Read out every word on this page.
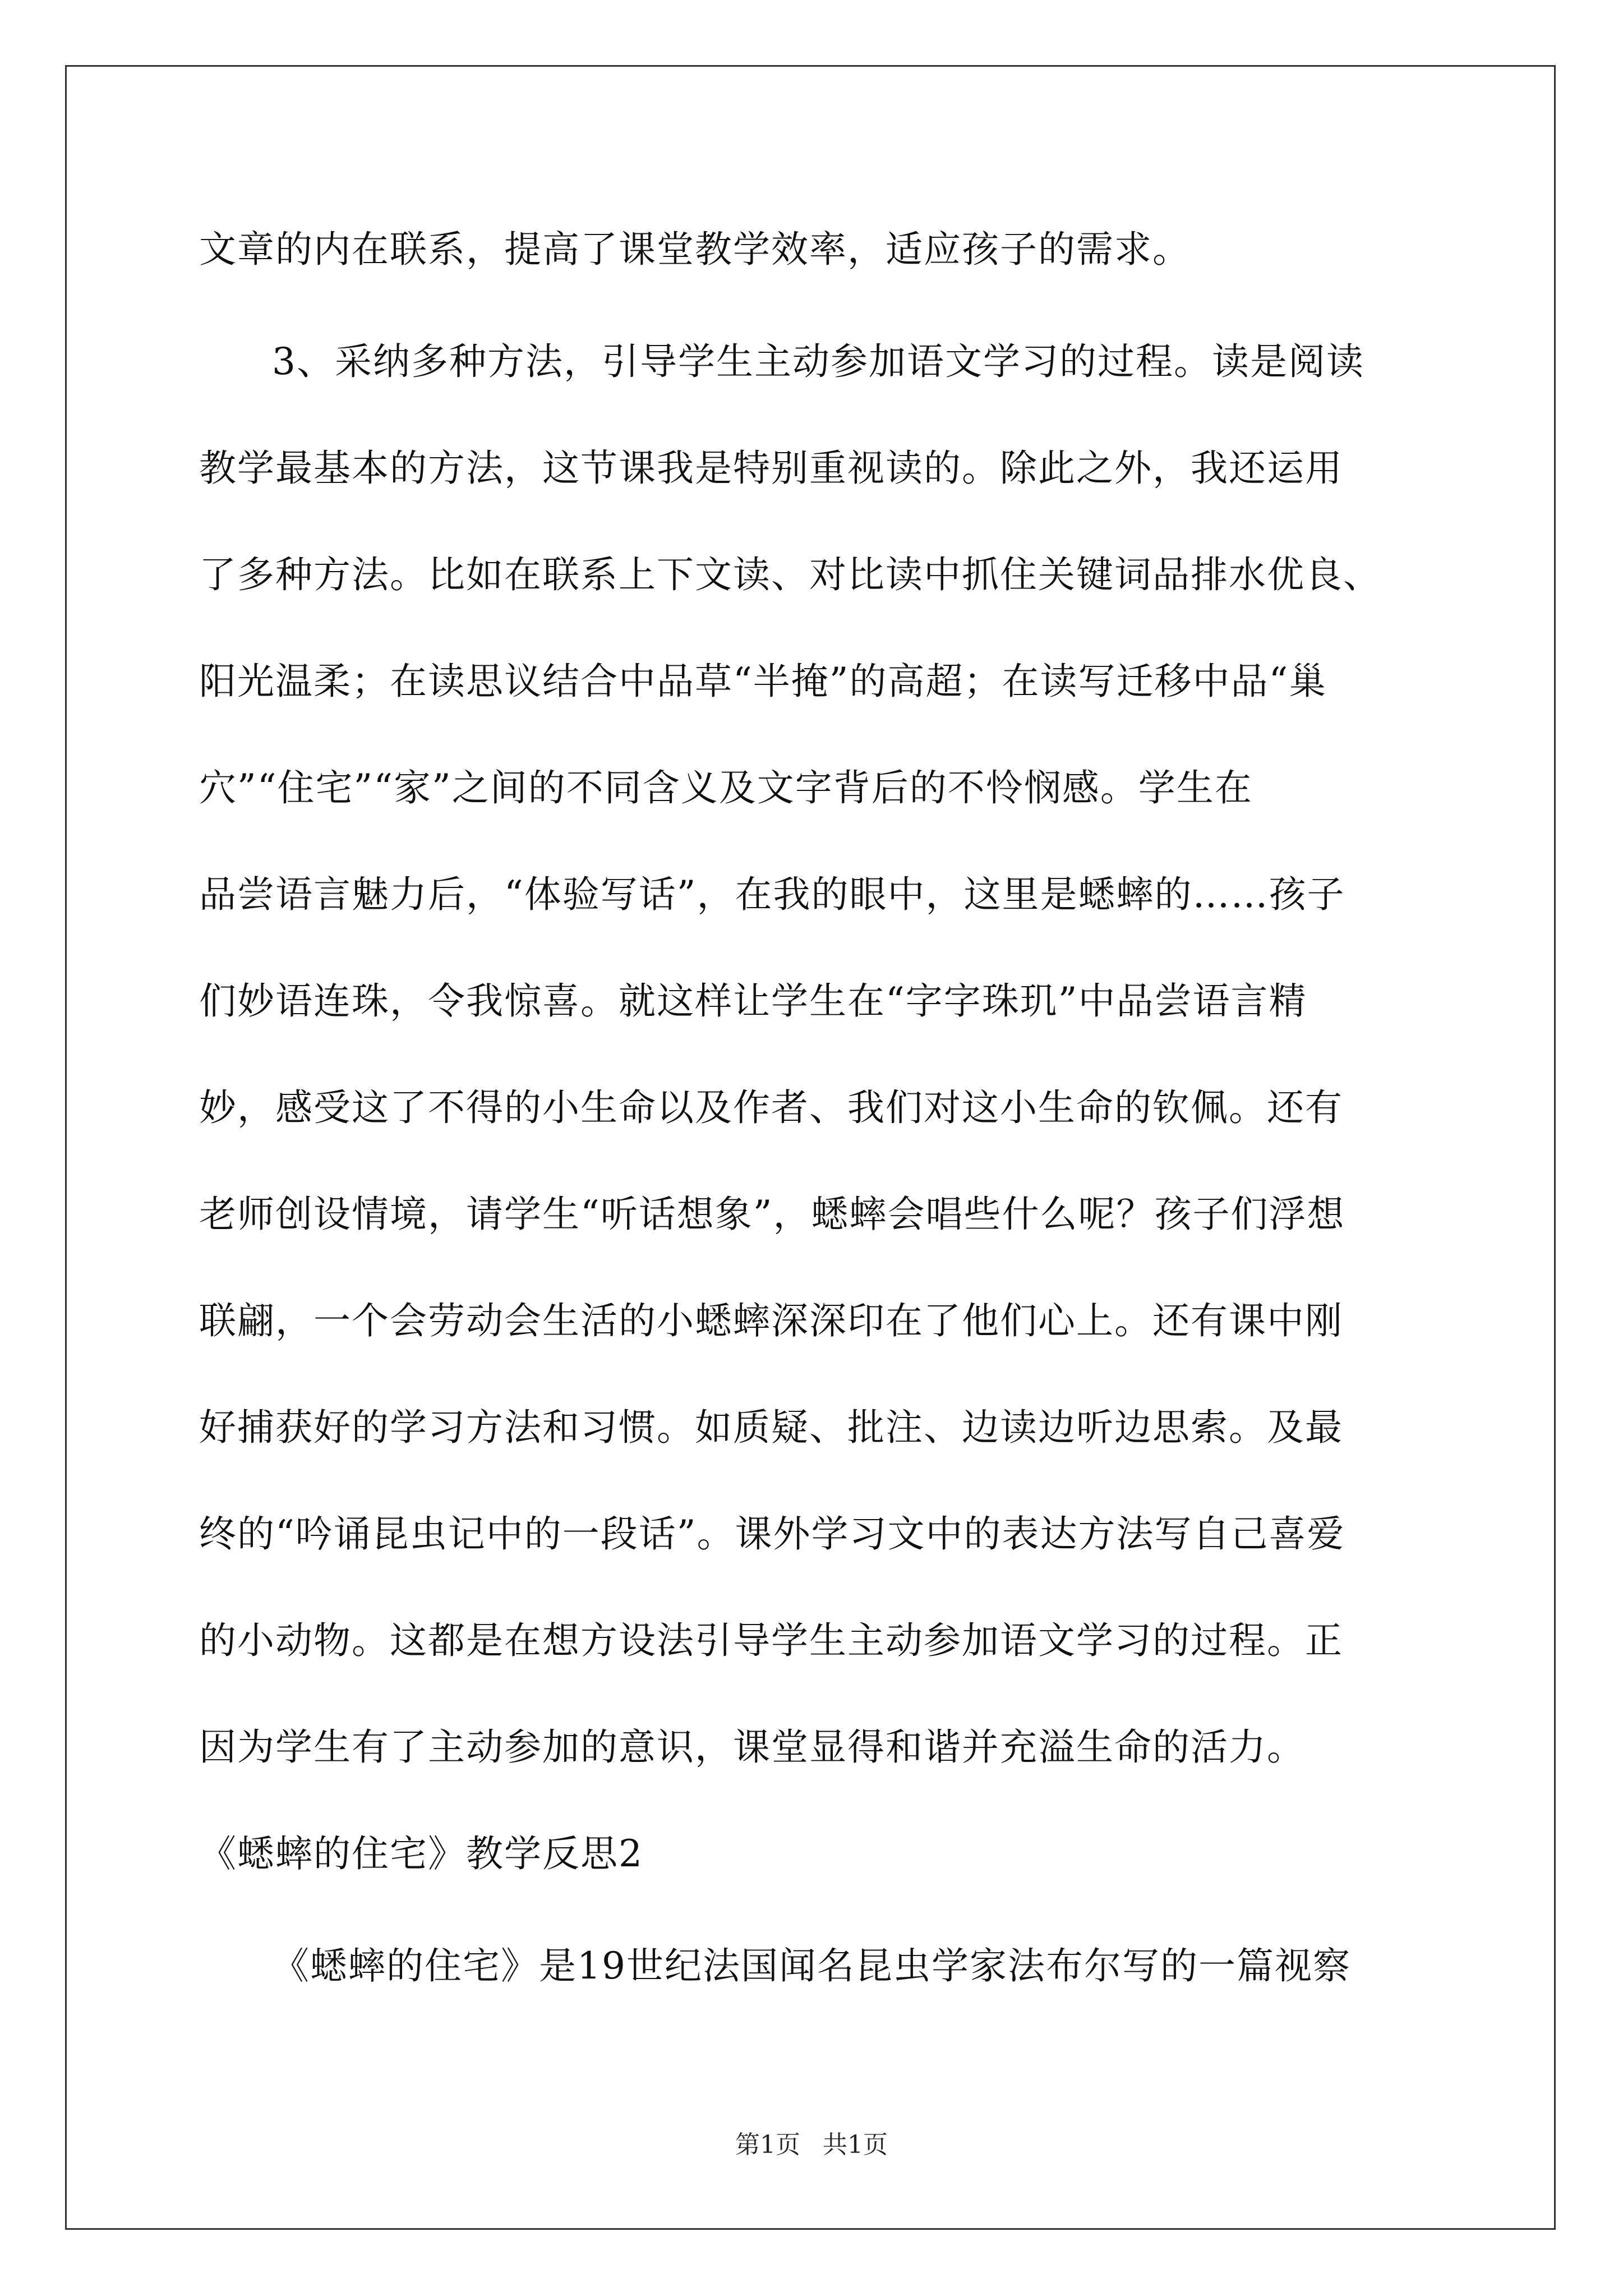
文章的内在联系，提高了课堂教学效率，适应孩子的需求。
3、采纳多种方法，引导学生主动参加语文学习的过程。读是阅读
教学最基本的方法，这节课我是特别重视读的。除此之外，我还运用
了多种方法。比如在联系上下文读、对比读中抓住关键词品排水优良、
阳光温柔；在读思议结合中品草“半掩”的高超；在读写迁移中品“巢
穴”“住宅”“家”之间的不同含义及文字背后的不怜悯感。学生在
品尝语言魅力后，“体验写话”，在我的眼中，这里是蟋蟀的……孩子
们妙语连珠，令我惊喜。就这样让学生在“字字珠玑”中品尝语言精
妙，感受这了不得的小生命以及作者、我们对这小生命的钦佩。还有
老师创设情境，请学生“听话想象”，蟋蟀会唱些什么呢？孩子们浮想
联翩，一个会劳动会生活的小蟋蟀深深印在了他们心上。还有课中刚
好捕获好的学习方法和习惯。如质疑、批注、边读边听边思索。及最
终的“吟诵昆虫记中的一段话”。课外学习文中的表达方法写自己喜爱
的小动物。这都是在想方设法引导学生主动参加语文学习的过程。正
因为学生有了主动参加的意识，课堂显得和谐并充溢生命的活力。
《蟋蟀的住宅》教学反思2
《蟋蟀的住宅》是19世纪法国闻名昆虫学家法布尔写的一篇视察
第1页 共1页
